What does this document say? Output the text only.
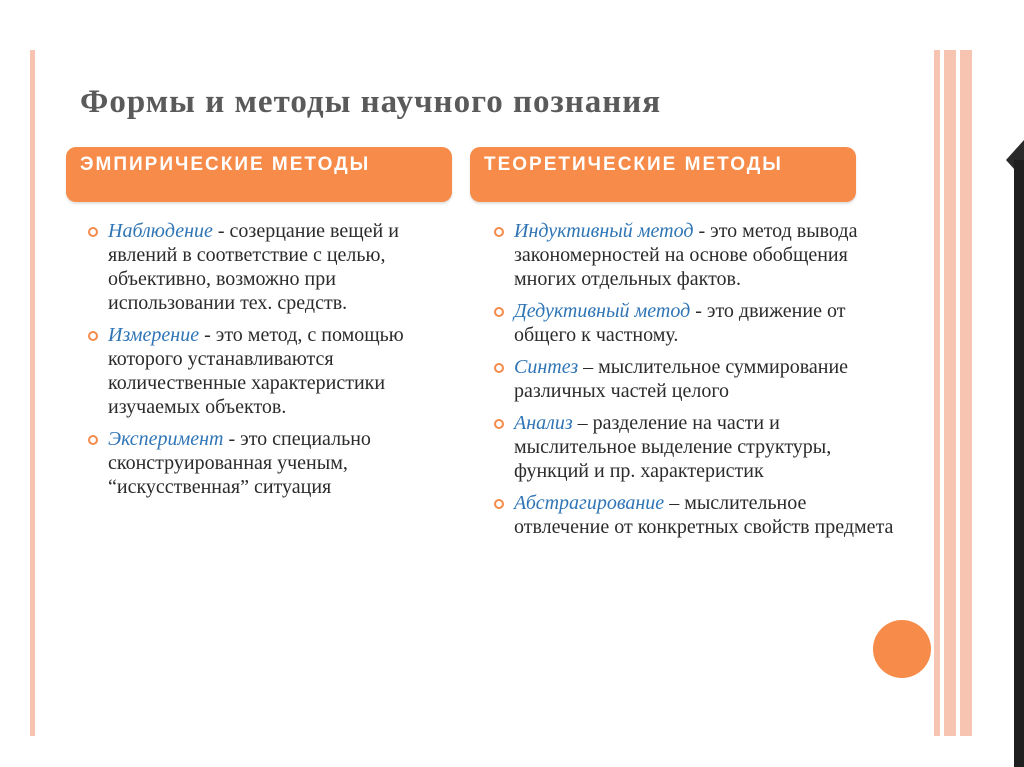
Формы и методы научного познания
ЭМПИРИЧЕСКИЕ МЕТОДЫ	ТЕОРЕТИЧЕСКИЕ МЕТОДЫ
Наблюдение - созерцание вещей и явлений в соответствие с целью, объективно, возможно при использовании тех. средств.
Измерение - это метод, с помощью которого устанавливаются количественные характеристики изучаемых объектов.
Эксперимент - это специально сконструированная ученым, “искусственная” ситуация
Индуктивный метод - это метод вывода закономерностей на основе обобщения многих отдельных фактов.
Дедуктивный метод - это движение от общего к частному.
Синтез – мыслительное суммирование различных частей целого
Анализ – разделение на части и мыслительное выделение структуры, функций и пр. характеристик
Абстрагирование – мыслительное отвлечение от конкретных свойств предмета
